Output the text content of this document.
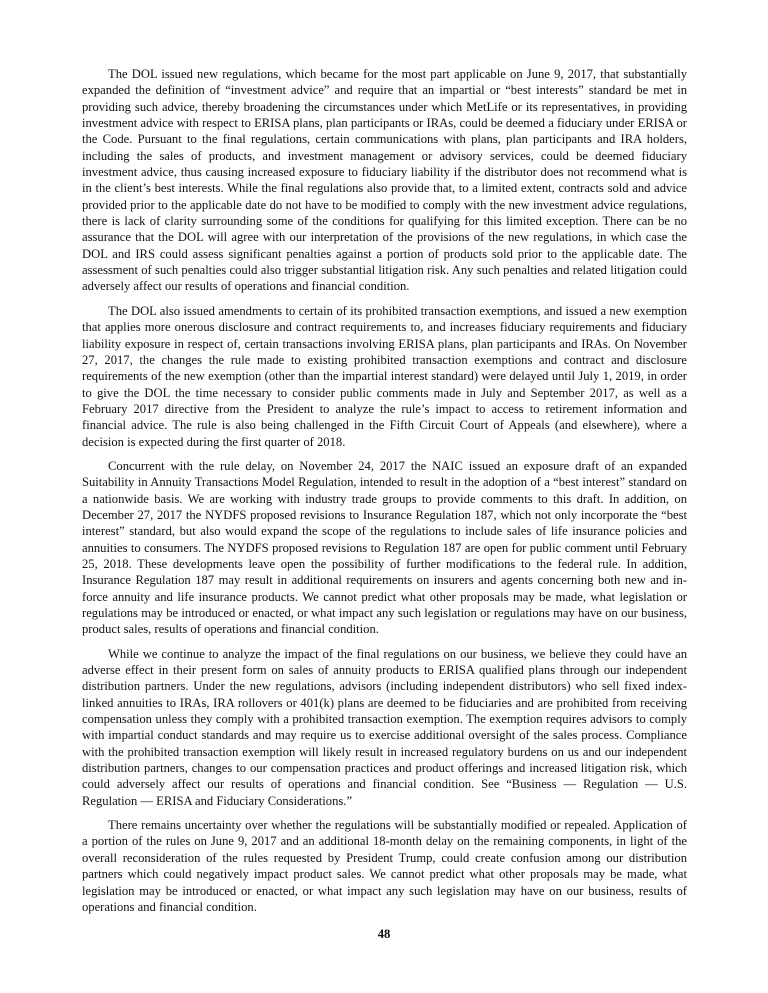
The DOL issued new regulations, which became for the most part applicable on June 9, 2017, that substantially expanded the definition of “investment advice” and require that an impartial or “best interests” standard be met in providing such advice, thereby broadening the circumstances under which MetLife or its representatives, in providing investment advice with respect to ERISA plans, plan participants or IRAs, could be deemed a fiduciary under ERISA or the Code. Pursuant to the final regulations, certain communications with plans, plan participants and IRA holders, including the sales of products, and investment management or advisory services, could be deemed fiduciary investment advice, thus causing increased exposure to fiduciary liability if the distributor does not recommend what is in the client’s best interests. While the final regulations also provide that, to a limited extent, contracts sold and advice provided prior to the applicable date do not have to be modified to comply with the new investment advice regulations, there is lack of clarity surrounding some of the conditions for qualifying for this limited exception. There can be no assurance that the DOL will agree with our interpretation of the provisions of the new regulations, in which case the DOL and IRS could assess significant penalties against a portion of products sold prior to the applicable date. The assessment of such penalties could also trigger substantial litigation risk. Any such penalties and related litigation could adversely affect our results of operations and financial condition.

The DOL also issued amendments to certain of its prohibited transaction exemptions, and issued a new exemption that applies more onerous disclosure and contract requirements to, and increases fiduciary requirements and fiduciary liability exposure in respect of, certain transactions involving ERISA plans, plan participants and IRAs. On November 27, 2017, the changes the rule made to existing prohibited transaction exemptions and contract and disclosure requirements of the new exemption (other than the impartial interest standard) were delayed until July 1, 2019, in order to give the DOL the time necessary to consider public comments made in July and September 2017, as well as a February 2017 directive from the President to analyze the rule’s impact to access to retirement information and financial advice. The rule is also being challenged in the Fifth Circuit Court of Appeals (and elsewhere), where a decision is expected during the first quarter of 2018.

Concurrent with the rule delay, on November 24, 2017 the NAIC issued an exposure draft of an expanded Suitability in Annuity Transactions Model Regulation, intended to result in the adoption of a “best interest” standard on a nationwide basis. We are working with industry trade groups to provide comments to this draft. In addition, on December 27, 2017 the NYDFS proposed revisions to Insurance Regulation 187, which not only incorporate the “best interest” standard, but also would expand the scope of the regulations to include sales of life insurance policies and annuities to consumers. The NYDFS proposed revisions to Regulation 187 are open for public comment until February 25, 2018. These developments leave open the possibility of further modifications to the federal rule. In addition, Insurance Regulation 187 may result in additional requirements on insurers and agents concerning both new and in-force annuity and life insurance products. We cannot predict what other proposals may be made, what legislation or regulations may be introduced or enacted, or what impact any such legislation or regulations may have on our business, product sales, results of operations and financial condition.

While we continue to analyze the impact of the final regulations on our business, we believe they could have an adverse effect in their present form on sales of annuity products to ERISA qualified plans through our independent distribution partners. Under the new regulations, advisors (including independent distributors) who sell fixed index-linked annuities to IRAs, IRA rollovers or 401(k) plans are deemed to be fiduciaries and are prohibited from receiving compensation unless they comply with a prohibited transaction exemption. The exemption requires advisors to comply with impartial conduct standards and may require us to exercise additional oversight of the sales process. Compliance with the prohibited transaction exemption will likely result in increased regulatory burdens on us and our independent distribution partners, changes to our compensation practices and product offerings and increased litigation risk, which could adversely affect our results of operations and financial condition. See “Business — Regulation — U.S. Regulation — ERISA and Fiduciary Considerations.”

There remains uncertainty over whether the regulations will be substantially modified or repealed. Application of a portion of the rules on June 9, 2017 and an additional 18-month delay on the remaining components, in light of the overall reconsideration of the rules requested by President Trump, could create confusion among our distribution partners which could negatively impact product sales. We cannot predict what other proposals may be made, what legislation may be introduced or enacted, or what impact any such legislation may have on our business, results of operations and financial condition.

48
